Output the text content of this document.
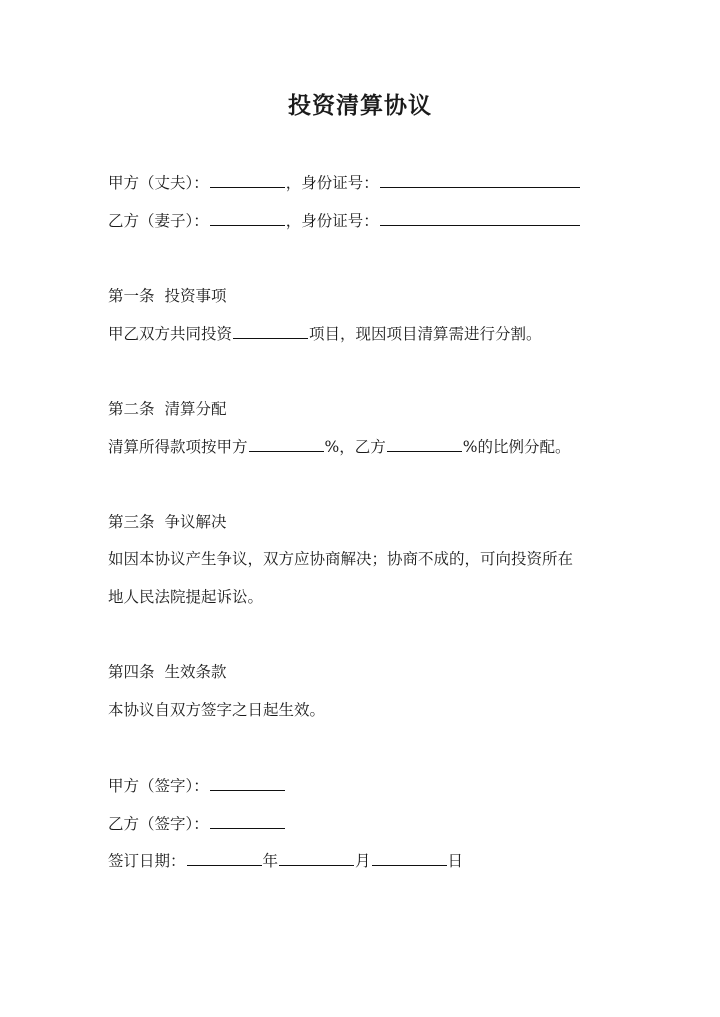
投资清算协议
甲方（丈夫）：	，身份证号：
乙方（妻子）：	，身份证号：
第一条 投资事项
甲乙双方共同投资	项目，现因项目清算需进行分割。
第二条 清算分配
清算所得款项按甲方	%，乙方	%的比例分配。
第三条 争议解决
如因本协议产生争议，双方应协商解决；协商不成的，可向投资所在
地人民法院提起诉讼。
第四条 生效条款
本协议自双方签字之日起生效。
甲方（签字）：
乙方（签字）：
签订日期：	年	月	日
